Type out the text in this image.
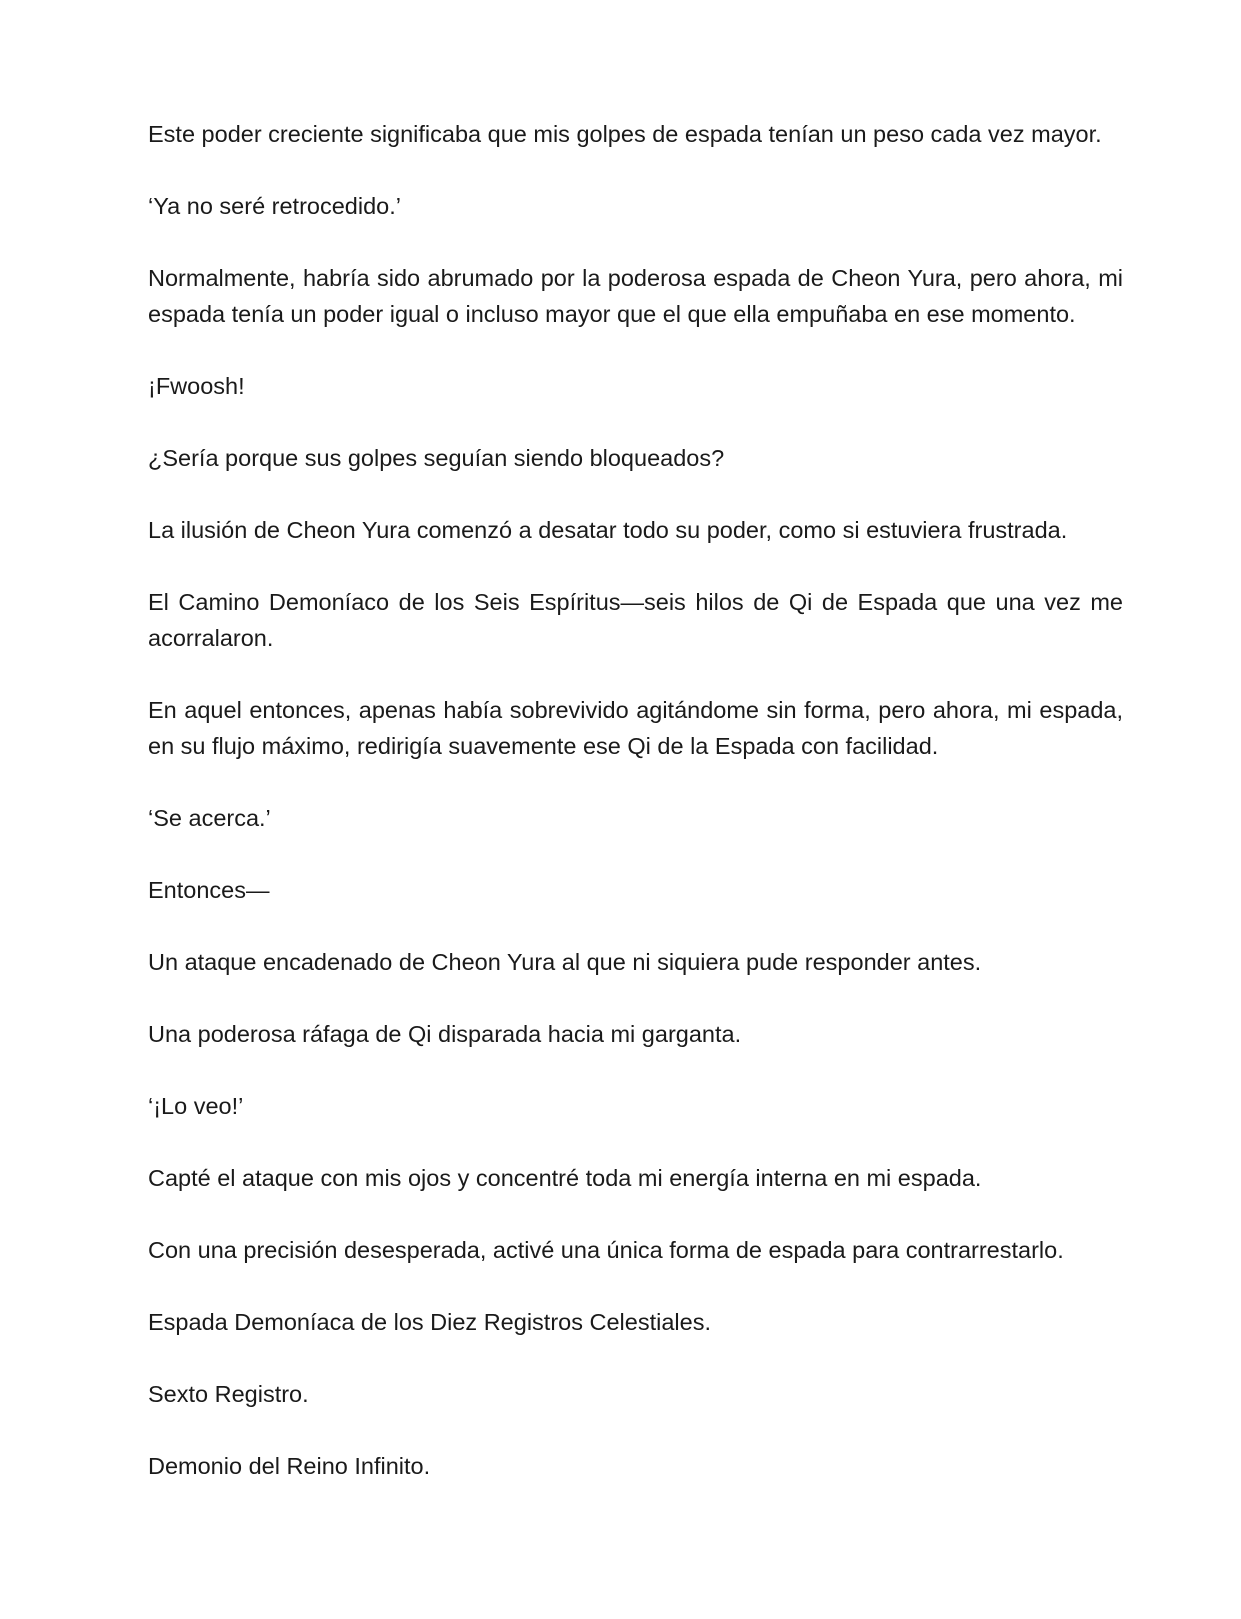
Este poder creciente significaba que mis golpes de espada tenían un peso cada vez mayor.

‘Ya no seré retrocedido.’

Normalmente, habría sido abrumado por la poderosa espada de Cheon Yura, pero ahora, mi espada tenía un poder igual o incluso mayor que el que ella empuñaba en ese momento.

¡Fwoosh!

¿Sería porque sus golpes seguían siendo bloqueados?

La ilusión de Cheon Yura comenzó a desatar todo su poder, como si estuviera frustrada.

El Camino Demoníaco de los Seis Espíritus—seis hilos de Qi de Espada que una vez me acorralaron.

En aquel entonces, apenas había sobrevivido agitándome sin forma, pero ahora, mi espada, en su flujo máximo, redirigía suavemente ese Qi de la Espada con facilidad.

‘Se acerca.’

Entonces—

Un ataque encadenado de Cheon Yura al que ni siquiera pude responder antes.

Una poderosa ráfaga de Qi disparada hacia mi garganta.

‘¡Lo veo!’

Capté el ataque con mis ojos y concentré toda mi energía interna en mi espada.

Con una precisión desesperada, activé una única forma de espada para contrarrestarlo.

Espada Demoníaca de los Diez Registros Celestiales.

Sexto Registro.

Demonio del Reino Infinito.
